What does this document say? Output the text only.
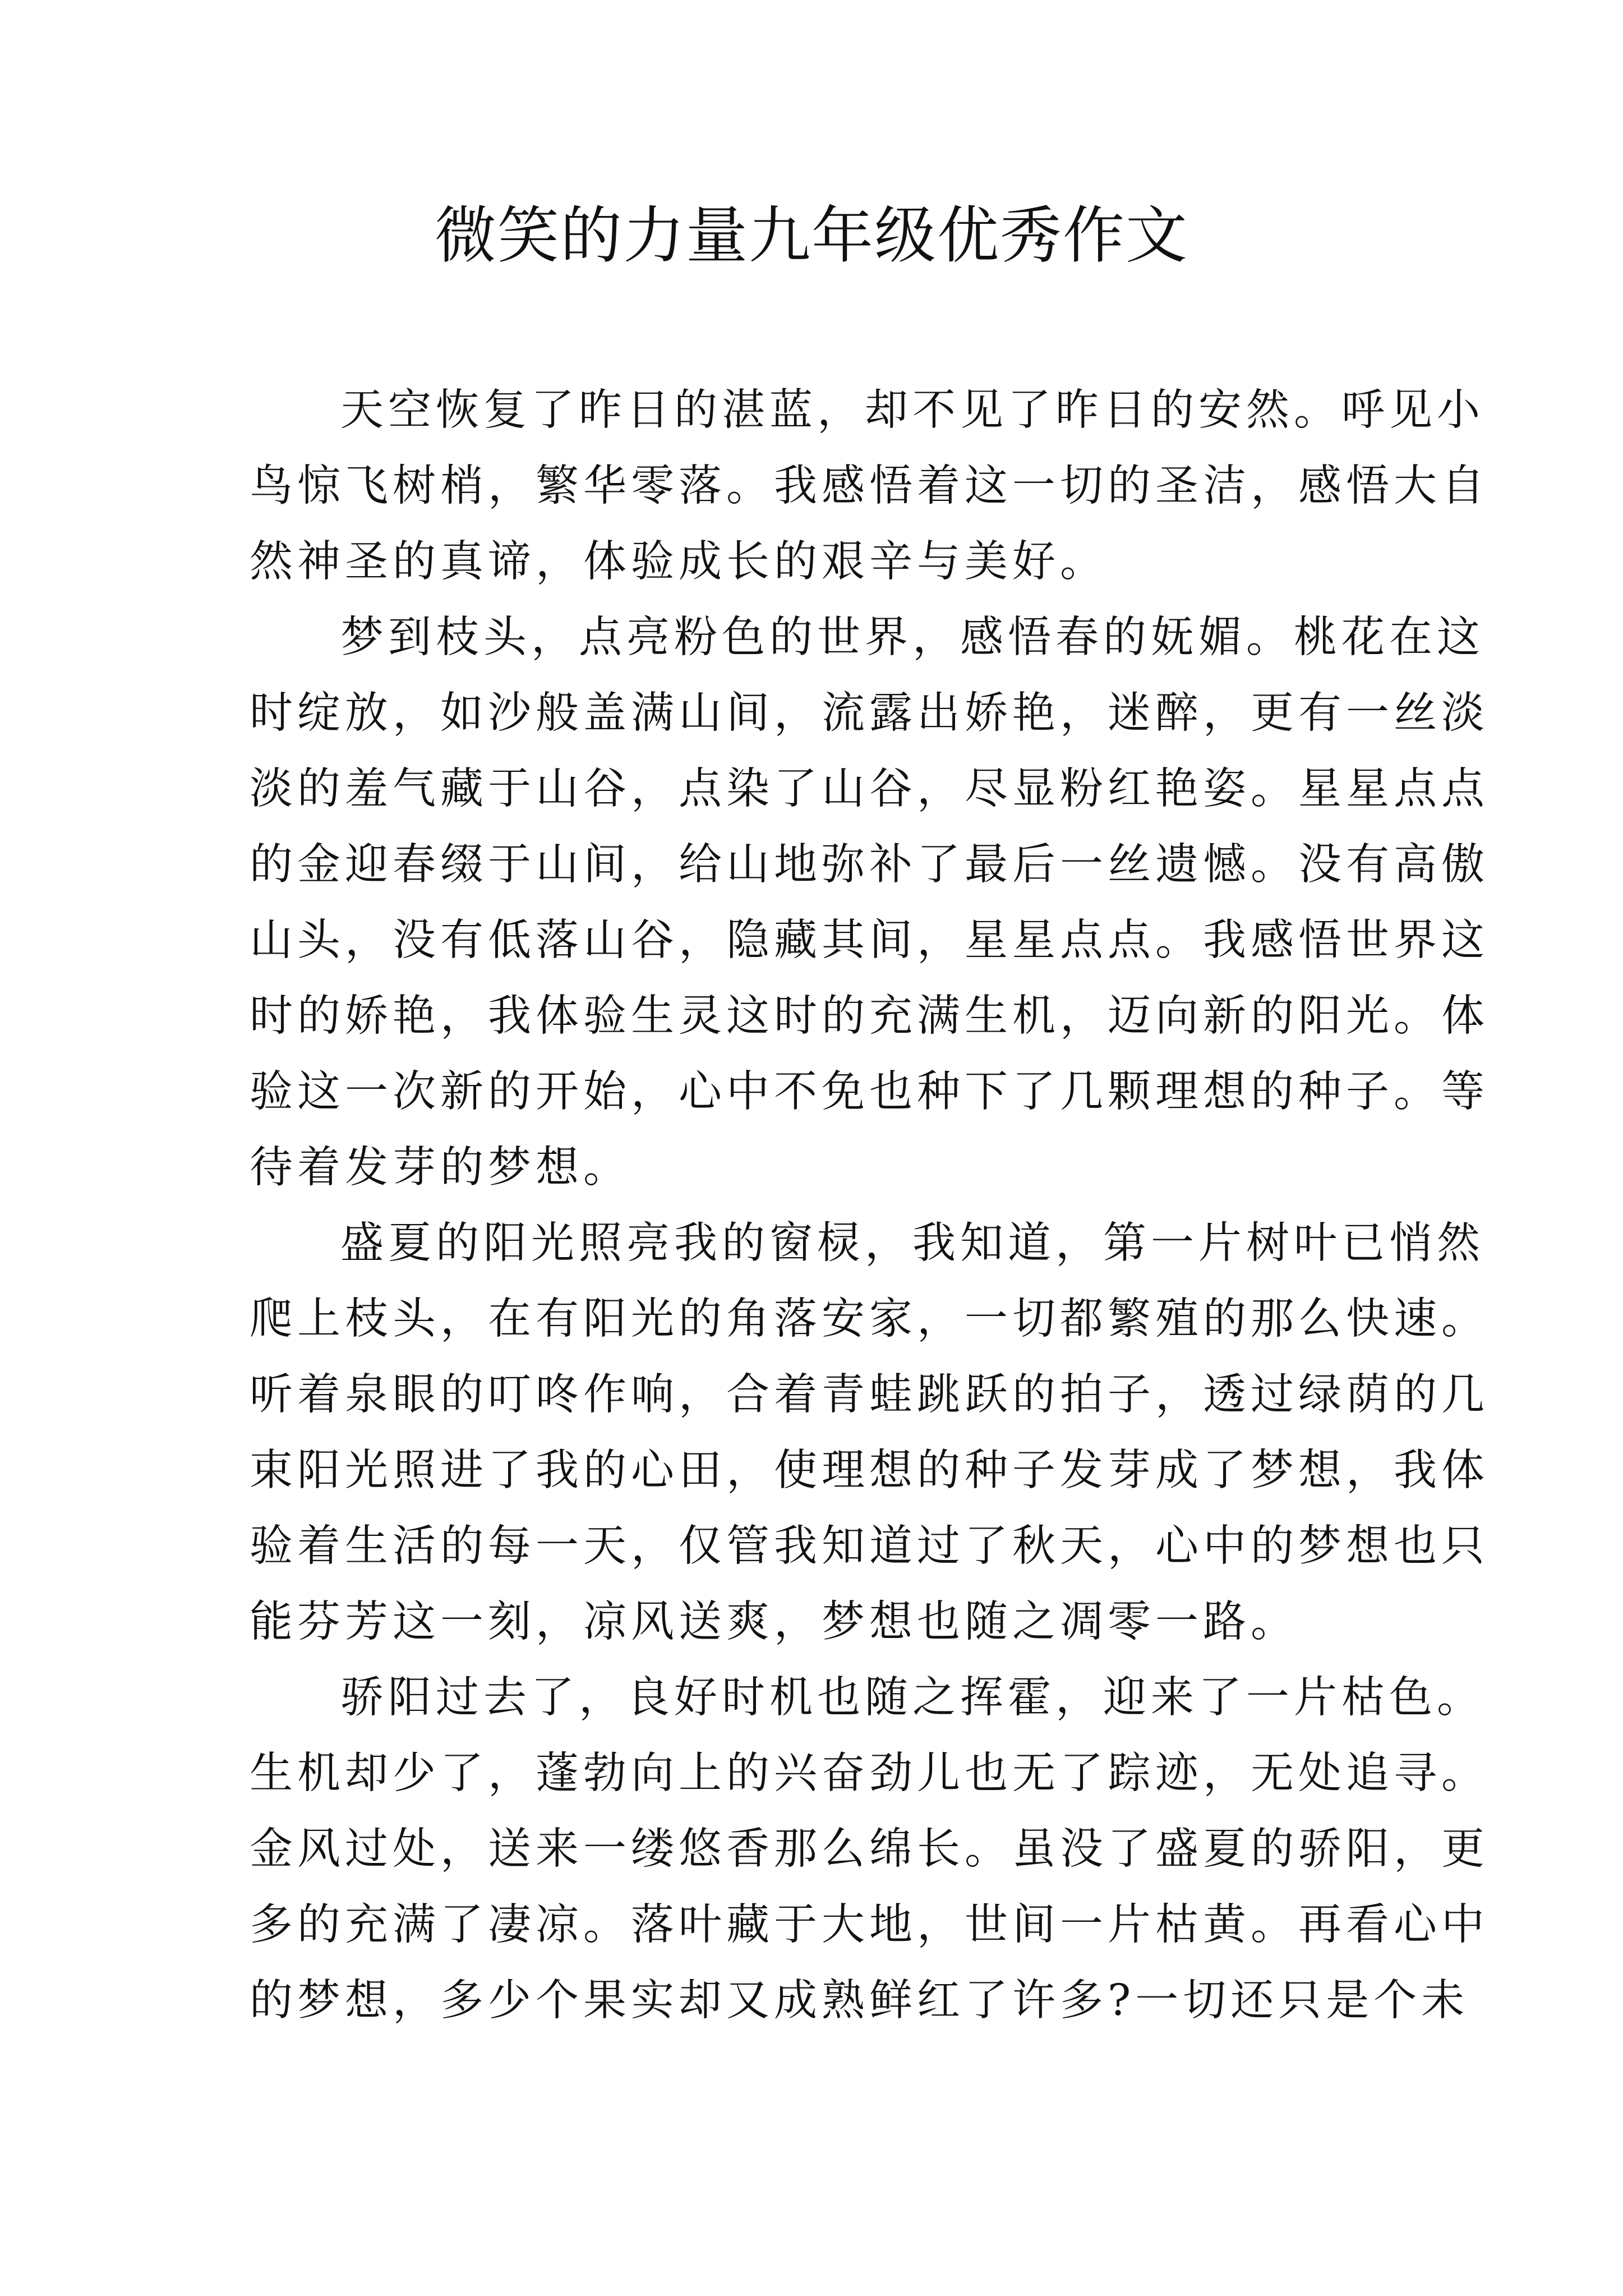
微笑的力量九年级优秀作文
天空恢复了昨日的湛蓝，却不见了昨日的安然。呼见小
鸟惊飞树梢，繁华零落。我感悟着这一切的圣洁，感悟大自
然神圣的真谛，体验成长的艰辛与美好。
梦到枝头，点亮粉色的世界，感悟春的妩媚。桃花在这
时绽放，如沙般盖满山间，流露出娇艳，迷醉，更有一丝淡
淡的羞气藏于山谷，点染了山谷，尽显粉红艳姿。星星点点
的金迎春缀于山间，给山地弥补了最后一丝遗憾。没有高傲
山头，没有低落山谷，隐藏其间，星星点点。我感悟世界这
时的娇艳，我体验生灵这时的充满生机，迈向新的阳光。体
验这一次新的开始，心中不免也种下了几颗理想的种子。等
待着发芽的梦想。
盛夏的阳光照亮我的窗棂，我知道，第一片树叶已悄然
爬上枝头，在有阳光的角落安家，一切都繁殖的那么快速。
听着泉眼的叮咚作响，合着青蛙跳跃的拍子，透过绿荫的几
束阳光照进了我的心田，使理想的种子发芽成了梦想，我体
验着生活的每一天，仅管我知道过了秋天，心中的梦想也只
能芬芳这一刻，凉风送爽，梦想也随之凋零一路。
骄阳过去了，良好时机也随之挥霍，迎来了一片枯色。
生机却少了，蓬勃向上的兴奋劲儿也无了踪迹，无处追寻。
金风过处，送来一缕悠香那么绵长。虽没了盛夏的骄阳，更
多的充满了凄凉。落叶藏于大地，世间一片枯黄。再看心中
的梦想，多少个果实却又成熟鲜红了许多?一切还只是个未
